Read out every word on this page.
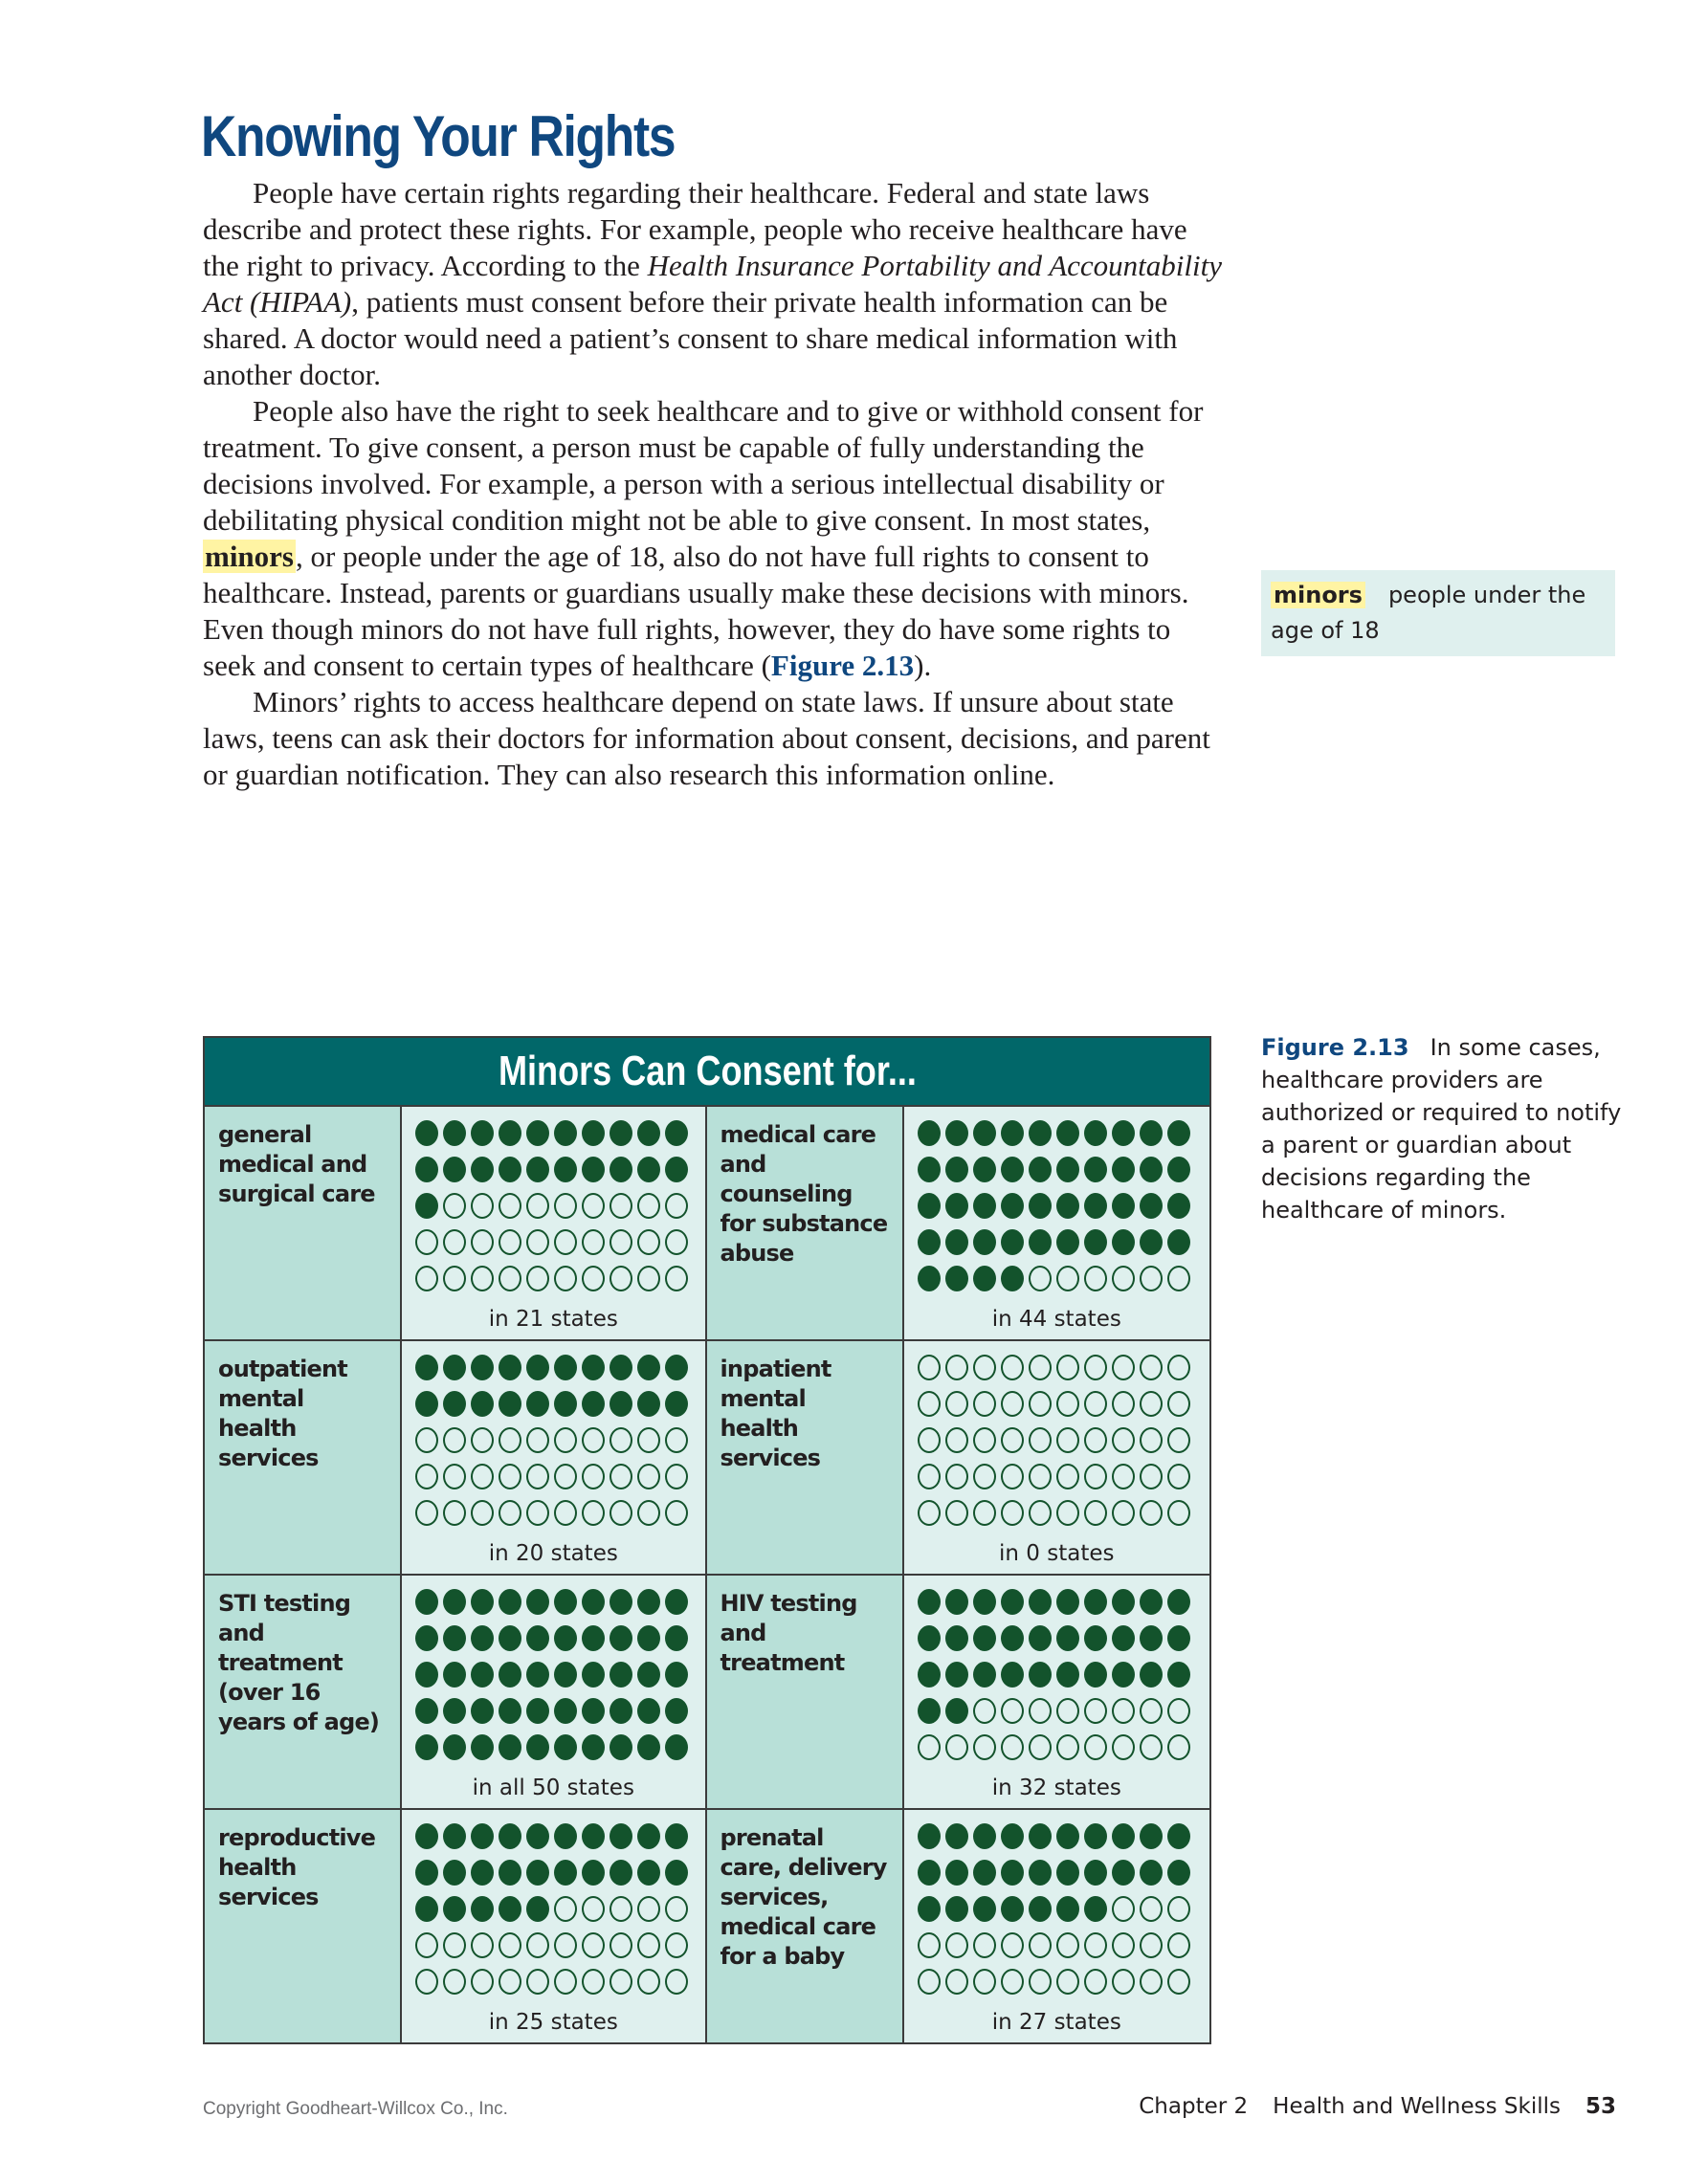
Knowing Your Rights

People have certain rights regarding their healthcare. Federal and state laws describe and protect these rights. For example, people who receive healthcare have the right to privacy. According to the Health Insurance Portability and Accountability Act (HIPAA), patients must consent before their private health information can be shared. A doctor would need a patient’s consent to share medical information with another doctor.

People also have the right to seek healthcare and to give or withhold consent for treatment. To give consent, a person must be capable of fully understanding the decisions involved. For example, a person with a serious intellectual disability or debilitating physical condition might not be able to give consent. In most states, minors, or people under the age of 18, also do not have full rights to consent to healthcare. Instead, parents or guardians usually make these decisions with minors. Even though minors do not have full rights, however, they do have some rights to seek and consent to certain types of healthcare (Figure 2.13).

Minors’ rights to access healthcare depend on state laws. If unsure about state laws, teens can ask their doctors for information about consent, decisions, and parent or guardian notification. They can also research this information online.

minors people under the age of 18
Figure 2.13 In some cases, healthcare providers are authorized or required to notify a parent or guardian about decisions regarding the healthcare of minors.
Minors Can Consent for...
general medical and surgical care
in 21 states
medical care and counseling for substance abuse
in 44 states
outpatient mental health services
in 20 states
inpatient mental health services
in 0 states
STI testing and treatment (over 16 years of age)
in all 50 states
HIV testing and treatment
in 32 states
reproductive health services
in 25 states
prenatal care, delivery services, medical care for a baby
in 27 states
Copyright Goodheart-Willcox Co., Inc.	Chapter 2 Health and Wellness Skills 53
